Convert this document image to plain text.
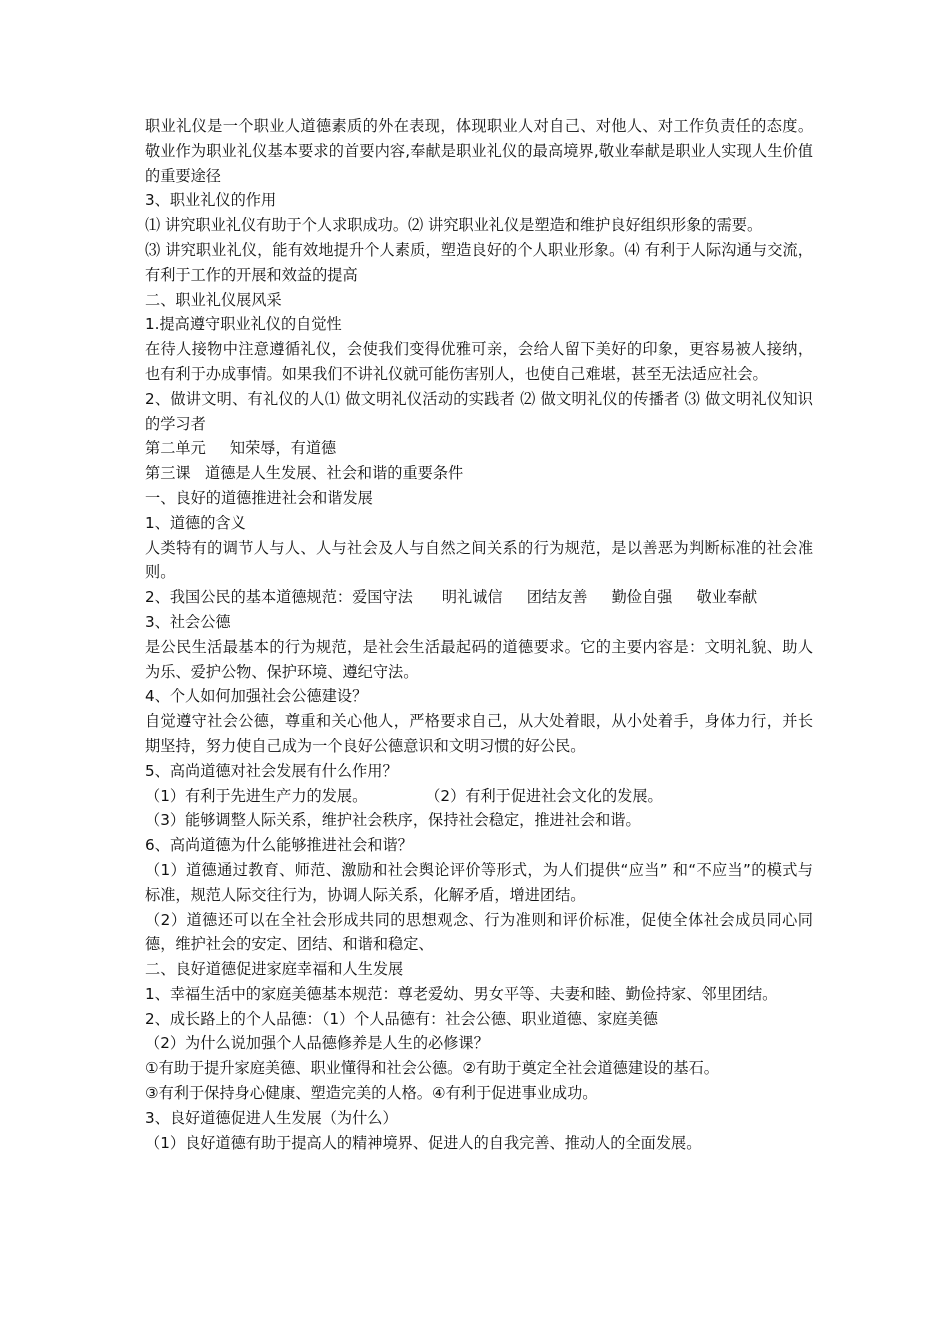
职业礼仪是一个职业人道德素质的外在表现，体现职业人对自己、对他人、对工作负责任的态度。敬业作为职业礼仪基本要求的首要内容,奉献是职业礼仪的最高境界,敬业奉献是职业人实现人生价值的重要途径

3、职业礼仪的作用

⑴ 讲究职业礼仪有助于个人求职成功。⑵ 讲究职业礼仪是塑造和维护良好组织形象的需要。

⑶ 讲究职业礼仪，能有效地提升个人素质，塑造良好的个人职业形象。⑷ 有利于人际沟通与交流，有利于工作的开展和效益的提高

二、职业礼仪展风采

1.提高遵守职业礼仪的自觉性

在待人接物中注意遵循礼仪，会使我们变得优雅可亲，会给人留下美好的印象，更容易被人接纳，也有利于办成事情。如果我们不讲礼仪就可能伤害别人，也使自己难堪，甚至无法适应社会。

2、做讲文明、有礼仪的人⑴ 做文明礼仪活动的实践者 ⑵ 做文明礼仪的传播者 ⑶ 做文明礼仪知识的学习者

第二单元     知荣辱，有道德

第三课   道德是人生发展、社会和谐的重要条件

一、良好的道德推进社会和谐发展

1、道德的含义

人类特有的调节人与人、人与社会及人与自然之间关系的行为规范，是以善恶为判断标准的社会准则。

2、我国公民的基本道德规范：爱国守法      明礼诚信     团结友善     勤俭自强     敬业奉献

3、社会公德

是公民生活最基本的行为规范，是社会生活最起码的道德要求。它的主要内容是：文明礼貌、助人为乐、爱护公物、保护环境、遵纪守法。

4、个人如何加强社会公德建设？

自觉遵守社会公德，尊重和关心他人，严格要求自己，从大处着眼，从小处着手，身体力行，并长期坚持，努力使自己成为一个良好公德意识和文明习惯的好公民。

5、高尚道德对社会发展有什么作用？

（1）有利于先进生产力的发展。            （2）有利于促进社会文化的发展。

（3）能够调整人际关系，维护社会秩序，保持社会稳定，推进社会和谐。

6、高尚道德为什么能够推进社会和谐？

（1）道德通过教育、师范、激励和社会舆论评价等形式，为人们提供“应当” 和“不应当”的模式与标准，规范人际交往行为，协调人际关系，化解矛盾，增进团结。

（2）道德还可以在全社会形成共同的思想观念、行为准则和评价标准，促使全体社会成员同心同德，维护社会的安定、团结、和谐和稳定、

二、良好道德促进家庭幸福和人生发展

1、幸福生活中的家庭美德基本规范：尊老爱幼、男女平等、夫妻和睦、勤俭持家、邻里团结。

2、成长路上的个人品德：（1）个人品德有：社会公德、职业道德、家庭美德

（2）为什么说加强个人品德修养是人生的必修课？

①有助于提升家庭美德、职业懂得和社会公德。②有助于奠定全社会道德建设的基石。

③有利于保持身心健康、塑造完美的人格。④有利于促进事业成功。

3、良好道德促进人生发展（为什么）

（1）良好道德有助于提高人的精神境界、促进人的自我完善、推动人的全面发展。
